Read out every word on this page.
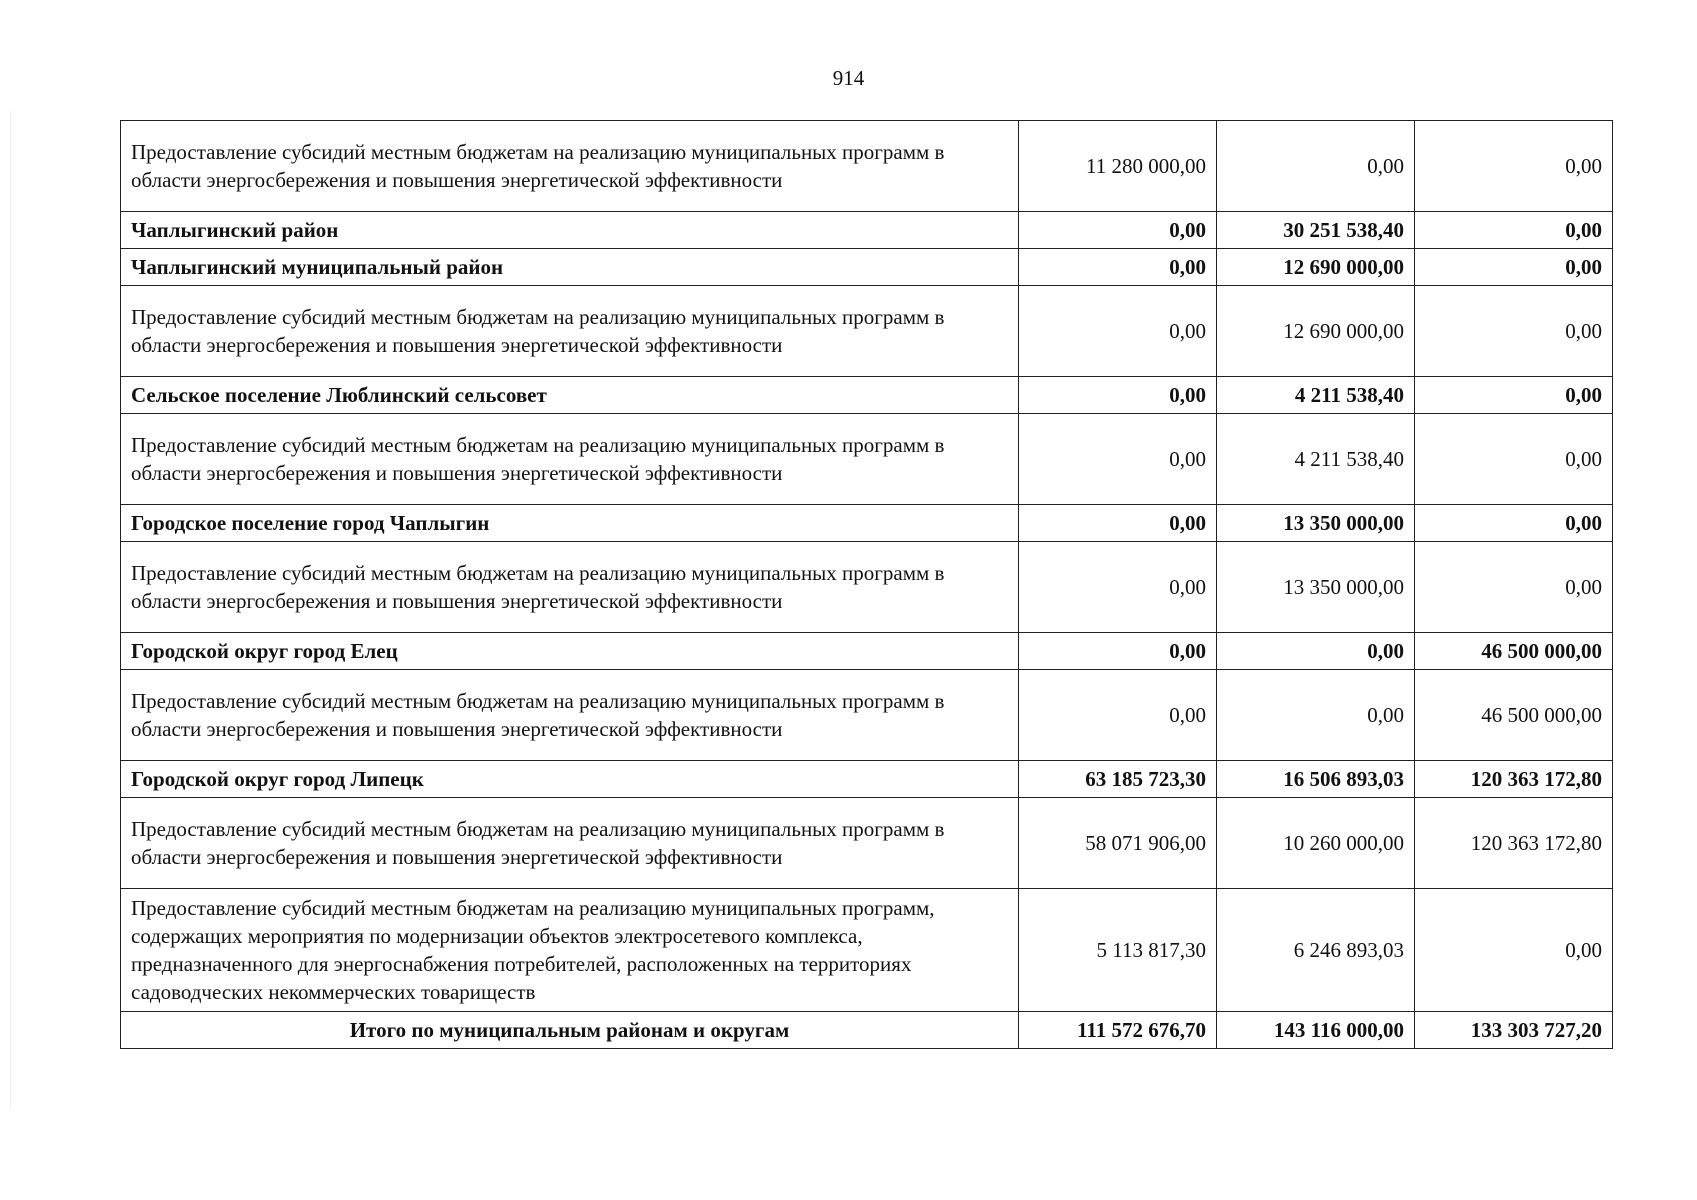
914
Предоставление субсидий местным бюджетам на реализацию муниципальных программ в области энергосбережения и повышения энергетической эффективности	11 280 000,00	0,00	0,00
Чаплыгинский район	0,00	30 251 538,40	0,00
Чаплыгинский муниципальный район	0,00	12 690 000,00	0,00
Предоставление субсидий местным бюджетам на реализацию муниципальных программ в области энергосбережения и повышения энергетической эффективности	0,00	12 690 000,00	0,00
Сельское поселение Люблинский сельсовет	0,00	4 211 538,40	0,00
Предоставление субсидий местным бюджетам на реализацию муниципальных программ в области энергосбережения и повышения энергетической эффективности	0,00	4 211 538,40	0,00
Городское поселение город Чаплыгин	0,00	13 350 000,00	0,00
Предоставление субсидий местным бюджетам на реализацию муниципальных программ в области энергосбережения и повышения энергетической эффективности	0,00	13 350 000,00	0,00
Городской округ город Елец	0,00	0,00	46 500 000,00
Предоставление субсидий местным бюджетам на реализацию муниципальных программ в области энергосбережения и повышения энергетической эффективности	0,00	0,00	46 500 000,00
Городской округ город Липецк	63 185 723,30	16 506 893,03	120 363 172,80
Предоставление субсидий местным бюджетам на реализацию муниципальных программ в области энергосбережения и повышения энергетической эффективности	58 071 906,00	10 260 000,00	120 363 172,80
Предоставление субсидий местным бюджетам на реализацию муниципальных программ, содержащих мероприятия по модернизации объектов электросетевого комплекса, предназначенного для энергоснабжения потребителей, расположенных на территориях садоводческих некоммерческих товариществ	5 113 817,30	6 246 893,03	0,00
Итого по муниципальным районам и округам	111 572 676,70	143 116 000,00	133 303 727,20
